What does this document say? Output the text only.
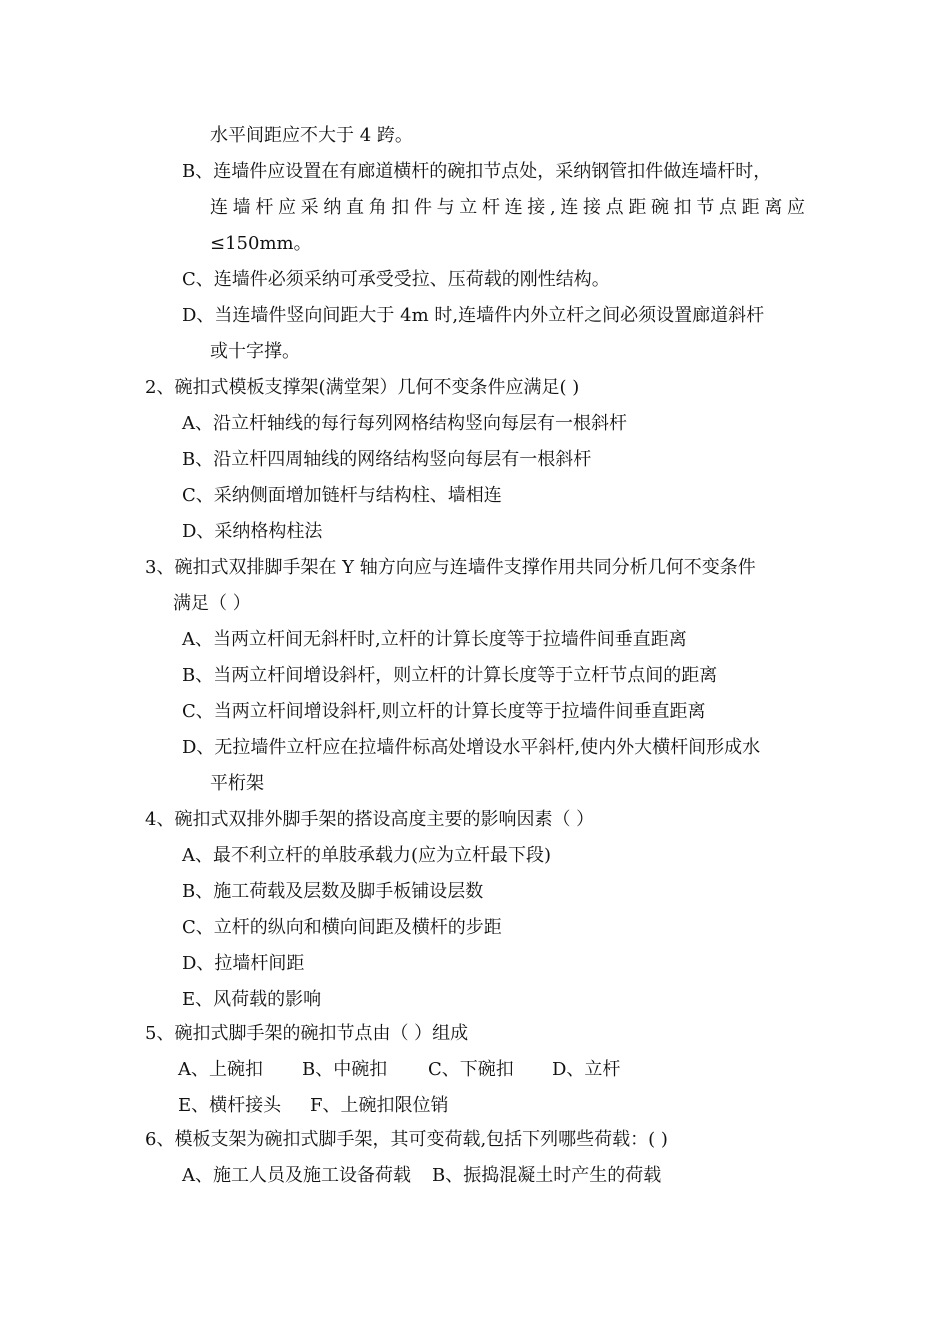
水平间距应不大于 4 跨。
B、连墙件应设置在有廊道横杆的碗扣节点处，采纳钢管扣件做连墙杆时，
连墙杆应采纳直角扣件与立杆连接,连接点距碗扣节点距离应
≤150mm。
C、连墙件必须采纳可承受受拉、压荷载的刚性结构。
D、当连墙件竖向间距大于 4m 时,连墙件内外立杆之间必须设置廊道斜杆
或十字撑。
2、碗扣式模板支撑架(满堂架）几何不变条件应满足( )
A、沿立杆轴线的每行每列网格结构竖向每层有一根斜杆
B、沿立杆四周轴线的网络结构竖向每层有一根斜杆
C、采纳侧面增加链杆与结构柱、墙相连
D、采纳格构柱法
3、碗扣式双排脚手架在 Y 轴方向应与连墙件支撑作用共同分析几何不变条件
满足（ ）
A、当两立杆间无斜杆时,立杆的计算长度等于拉墙件间垂直距离
B、当两立杆间增设斜杆，则立杆的计算长度等于立杆节点间的距离
C、当两立杆间增设斜杆,则立杆的计算长度等于拉墙件间垂直距离
D、无拉墙件立杆应在拉墙件标高处增设水平斜杆,使内外大横杆间形成水
平桁架
4、碗扣式双排外脚手架的搭设高度主要的影响因素（ ）
A、最不利立杆的单肢承载力(应为立杆最下段)
B、施工荷载及层数及脚手板铺设层数
C、立杆的纵向和横向间距及横杆的步距
D、拉墙杆间距
E、风荷载的影响
5、碗扣式脚手架的碗扣节点由（ ）组成
A、上碗扣 B、中碗扣 C、下碗扣 D、立杆
E、横杆接头 F、上碗扣限位销
6、模板支架为碗扣式脚手架，其可变荷载,包括下列哪些荷载：( )
A、施工人员及施工设备荷载 B、振捣混凝土时产生的荷载
